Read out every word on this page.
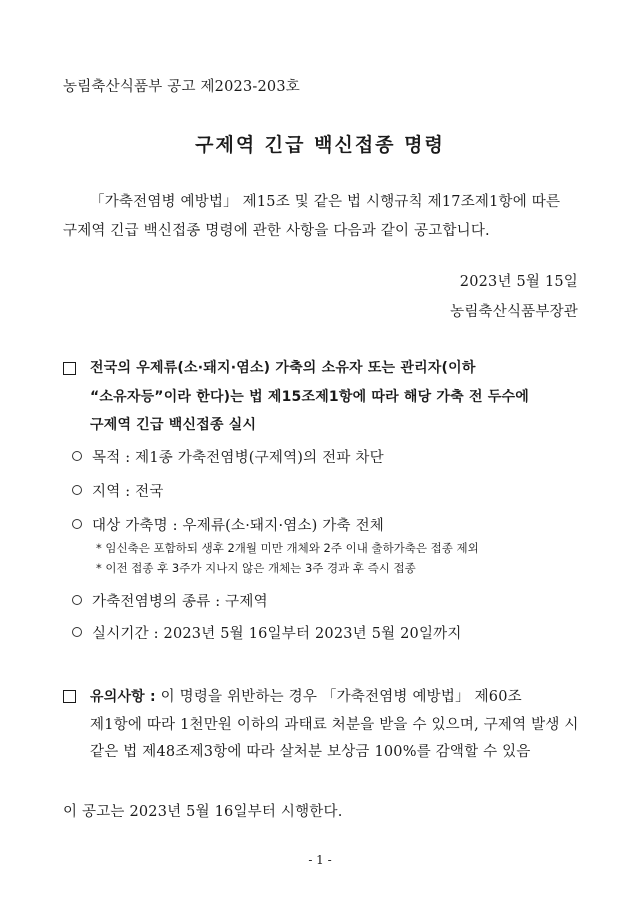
농림축산식품부 공고 제2023-203호
구제역 긴급 백신접종 명령
「가축전염병 예방법」 제15조 및 같은 법 시행규칙 제17조제1항에 따른
구제역 긴급 백신접종 명령에 관한 사항을 다음과 같이 공고합니다.
2023년 5월 15일
농림축산식품부장관
전국의 우제류(소·돼지·염소) 가축의 소유자 또는 관리자(이하
“소유자등”이라 한다)는 법 제15조제1항에 따라 해당 가축 전 두수에
구제역 긴급 백신접종 실시
목적 : 제1종 가축전염병(구제역)의 전파 차단
지역 : 전국
대상 가축명 : 우제류(소·돼지·염소) 가축 전체
* 임신축은 포함하되 생후 2개월 미만 개체와 2주 이내 출하가축은 접종 제외
* 이전 접종 후 3주가 지나지 않은 개체는 3주 경과 후 즉시 접종
가축전염병의 종류 : 구제역
실시기간 : 2023년 5월 16일부터 2023년 5월 20일까지
유의사항 : 이 명령을 위반하는 경우 「가축전염병 예방법」 제60조
제1항에 따라 1천만원 이하의 과태료 처분을 받을 수 있으며, 구제역 발생 시
같은 법 제48조제3항에 따라 살처분 보상금 100%를 감액할 수 있음
이 공고는 2023년 5월 16일부터 시행한다.
- 1 -
